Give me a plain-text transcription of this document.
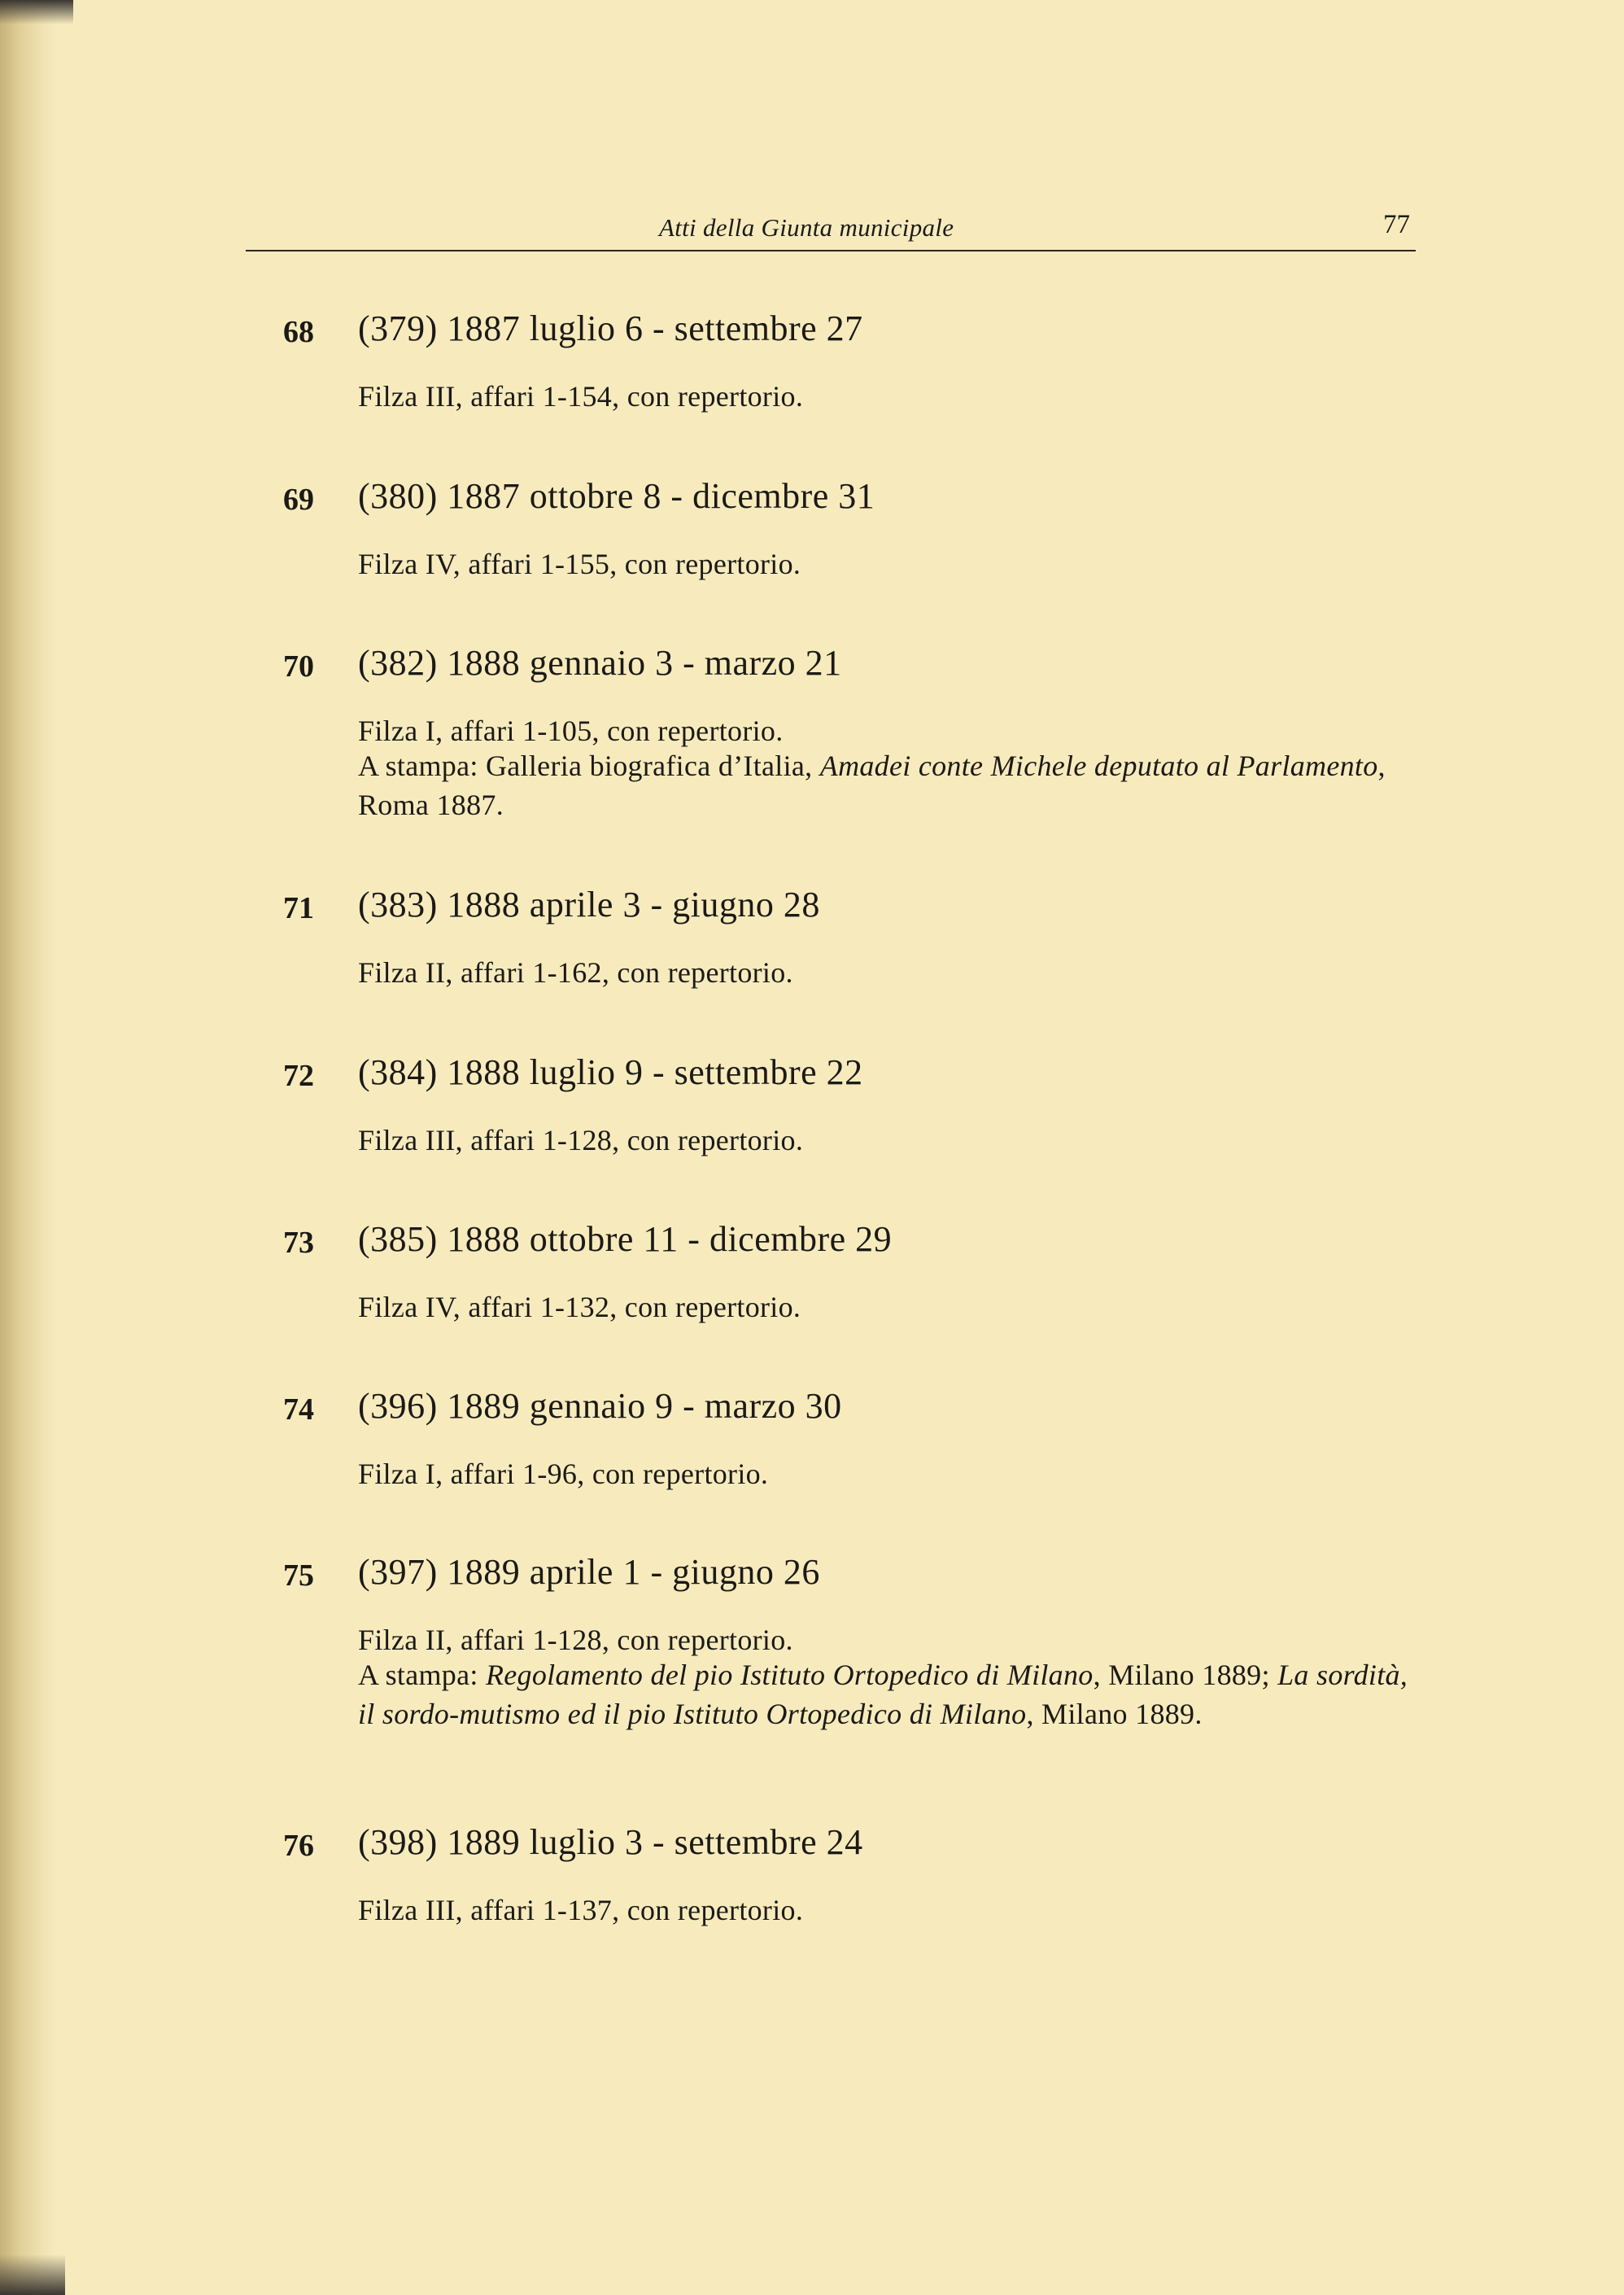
Atti della Giunta municipale	77
68 (379) 1887 luglio 6 - settembre 27
Filza III, affari 1-154, con repertorio.
69 (380) 1887 ottobre 8 - dicembre 31
Filza IV, affari 1-155, con repertorio.
70 (382) 1888 gennaio 3 - marzo 21
Filza I, affari 1-105, con repertorio.
A stampa: Galleria biografica d’Italia, Amadei conte Michele deputato al Parlamento, Roma 1887.
71 (383) 1888 aprile 3 - giugno 28
Filza II, affari 1-162, con repertorio.
72 (384) 1888 luglio 9 - settembre 22
Filza III, affari 1-128, con repertorio.
73 (385) 1888 ottobre 11 - dicembre 29
Filza IV, affari 1-132, con repertorio.
74 (396) 1889 gennaio 9 - marzo 30
Filza I, affari 1-96, con repertorio.
75 (397) 1889 aprile 1 - giugno 26
Filza II, affari 1-128, con repertorio.
A stampa: Regolamento del pio Istituto Ortopedico di Milano, Milano 1889; La sordità, il sordo-mutismo ed il pio Istituto Ortopedico di Milano, Milano 1889.
76 (398) 1889 luglio 3 - settembre 24
Filza III, affari 1-137, con repertorio.
